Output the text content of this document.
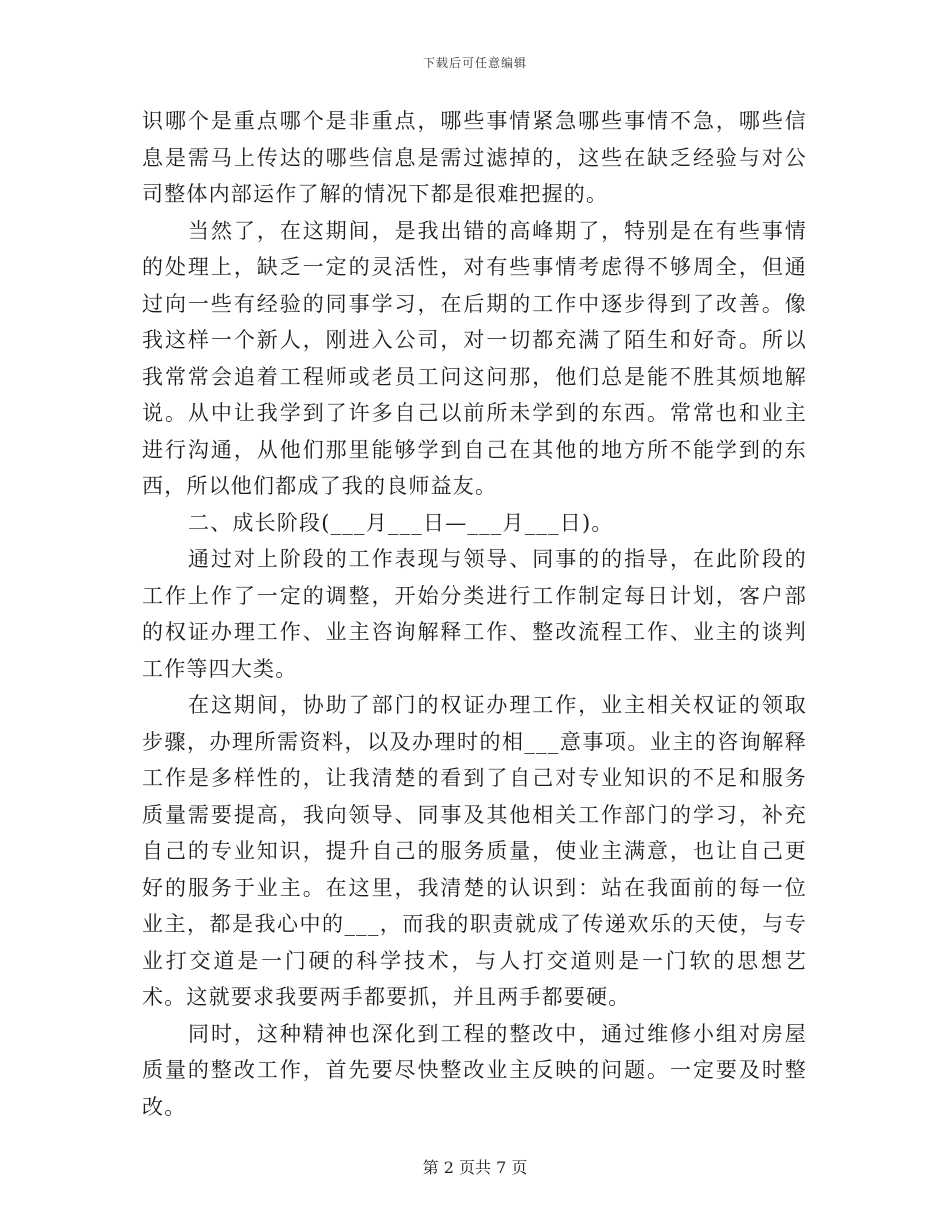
下载后可任意编辑

识哪个是重点哪个是非重点，哪些事情紧急哪些事情不急，哪些信息是需马上传达的哪些信息是需过滤掉的，这些在缺乏经验与对公司整体内部运作了解的情况下都是很难把握的。

当然了，在这期间，是我出错的高峰期了，特别是在有些事情的处理上，缺乏一定的灵活性，对有些事情考虑得不够周全，但通过向一些有经验的同事学习，在后期的工作中逐步得到了改善。像我这样一个新人，刚进入公司，对一切都充满了陌生和好奇。所以我常常会追着工程师或老员工问这问那，他们总是能不胜其烦地解说。从中让我学到了许多自己以前所未学到的东西。常常也和业主进行沟通，从他们那里能够学到自己在其他的地方所不能学到的东西，所以他们都成了我的良师益友。

二、成长阶段(___月___日—___月___日)。

通过对上阶段的工作表现与领导、同事的的指导，在此阶段的工作上作了一定的调整，开始分类进行工作制定每日计划，客户部的权证办理工作、业主咨询解释工作、整改流程工作、业主的谈判工作等四大类。

在这期间，协助了部门的权证办理工作，业主相关权证的领取步骤，办理所需资料，以及办理时的相___意事项。业主的咨询解释工作是多样性的，让我清楚的看到了自己对专业知识的不足和服务质量需要提高，我向领导、同事及其他相关工作部门的学习，补充自己的专业知识，提升自己的服务质量，使业主满意，也让自己更好的服务于业主。在这里，我清楚的认识到：站在我面前的每一位业主，都是我心中的___，而我的职责就成了传递欢乐的天使，与专业打交道是一门硬的科学技术，与人打交道则是一门软的思想艺术。这就要求我要两手都要抓，并且两手都要硬。

同时，这种精神也深化到工程的整改中，通过维修小组对房屋质量的整改工作，首先要尽快整改业主反映的问题。一定要及时整改。

第 2 页共 7 页
